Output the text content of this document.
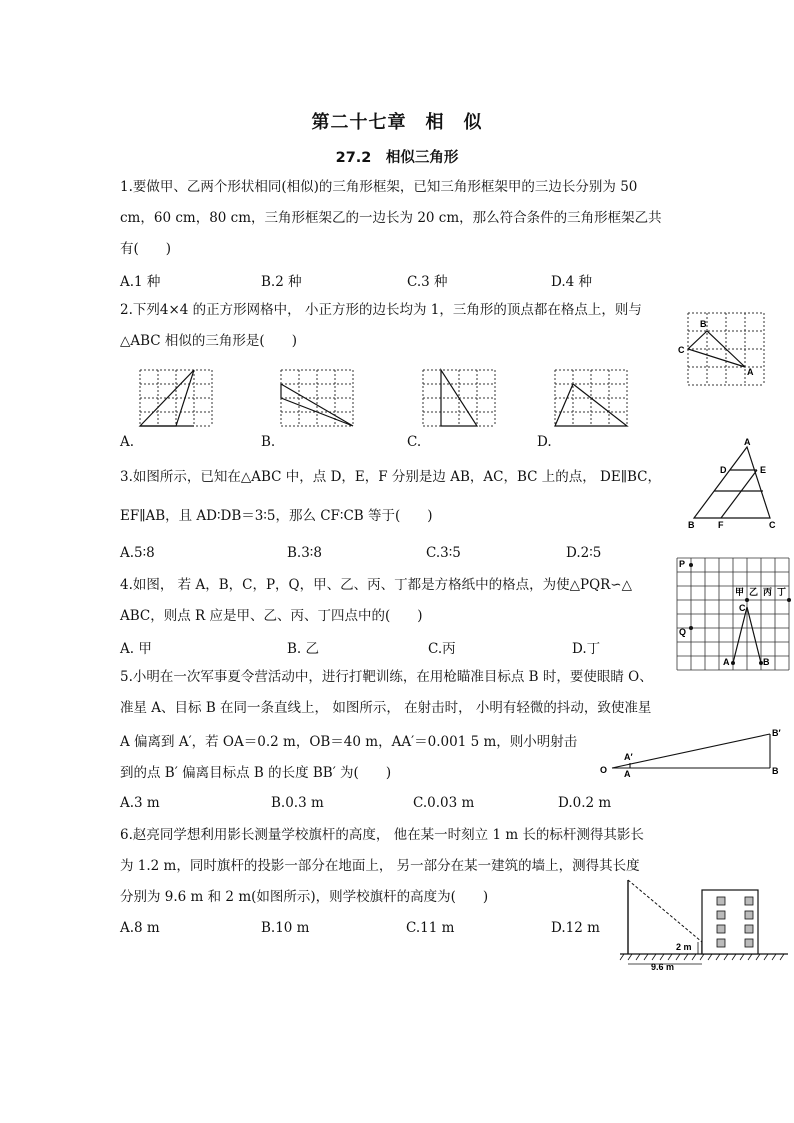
第二十七章　相　似
27.2　相似三角形
1.要做甲、乙两个形状相同(相似)的三角形框架，已知三角形框架甲的三边长分别为 50
cm，60 cm，80 cm，三角形框架乙的一边长为 20 cm，那么符合条件的三角形框架乙共
有(　　)
A.1 种	B.2 种	C.3 种	D.4 种
2.下列4×4 的正方形网格中， 小正方形的边长均为 1，三角形的顶点都在格点上，则与
△ABC 相似的三角形是(　　)
B
C
A
A.	B.	C.	D.
3.如图所示，已知在△ABC 中，点 D，E，F 分别是边 AB，AC，BC 上的点， DE∥BC，
EF∥AB，且 AD∶DB＝3∶5，那么 CF∶CB 等于(　　)
A
D	E
B	F	C
A.5∶8	B.3∶8	C.3∶5	D.2∶5
4.如图， 若 A，B，C，P，Q，甲、乙、丙、丁都是方格纸中的格点，为使△PQR∽△
ABC，则点 R 应是甲、乙、丙、丁四点中的(　　)
P
甲 乙 丙 丁
C
Q
A	B
A. 甲	B. 乙	C.丙	D.丁
5.小明在一次军事夏令营活动中，进行打靶训练，在用枪瞄准目标点 B 时，要使眼睛 O、
准星 A、目标 B 在同一条直线上， 如图所示， 在射击时， 小明有轻微的抖动，致使准星
A 偏离到 A′，若 OA＝0.2 m，OB＝40 m，AA′＝0.001 5 m，则小明射击
到的点 B′ 偏离目标点 B 的长度 BB′ 为(　　)	O
A′
A
B′
B
A.3 m	B.0.3 m	C.0.03 m	D.0.2 m
6.赵亮同学想利用影长测量学校旗杆的高度， 他在某一时刻立 1 m 长的标杆测得其影长
为 1.2 m，同时旗杆的投影一部分在地面上， 另一部分在某一建筑的墙上，测得其长度
分别为 9.6 m 和 2 m(如图所示)，则学校旗杆的高度为(　　)
2 m
9.6 m
A.8 m	B.10 m	C.11 m	D.12 m
